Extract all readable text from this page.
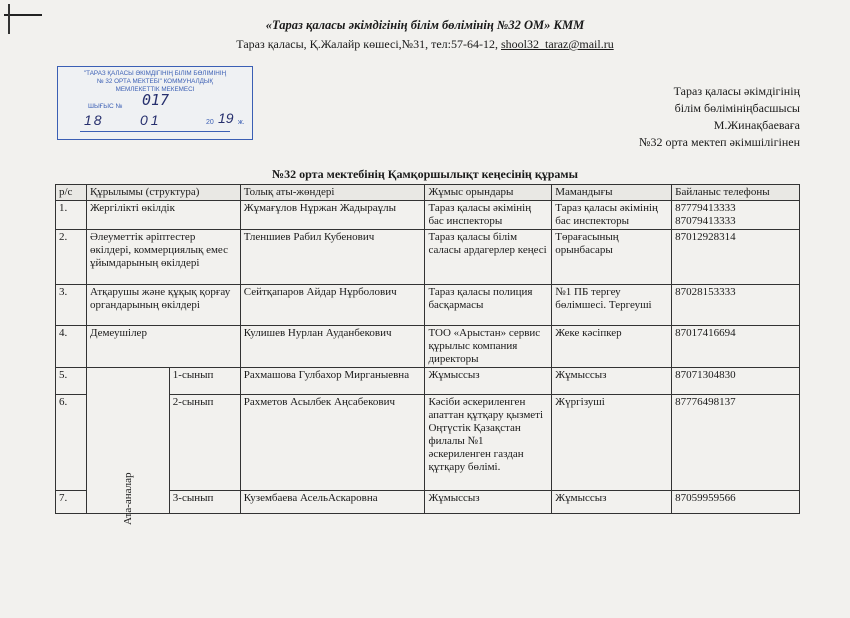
«Тараз қаласы әкімдігінің білім бөлімінің №32 ОМ» КММ
Тараз қаласы, Қ.Жалайр көшесі,№31, тел:57-64-12, shool32_taraz@mail.ru
"ТАРАЗ ҚАЛАСЫ ӘКІМДІГІНІҢ БІЛІМ БӨЛІМІНІҢ
№ 32 ОРТА МЕКТЕБІ" КОММУНАЛДЫҚ
МЕМЛЕКЕТТІК МЕКЕМЕСІ
ШЫҒЫС № 017
18	01	20 19 ж.
Тараз қаласы әкімдігінің
білім бөлімініңбасшысы
М.Жинақбаеваға
№32 орта мектеп әкімшілігінен
№32 орта мектебінің Қамқоршылықт кеңесінің құрамы
р/с	Құрылымы (структура)		Толық аты-жөндері	Жұмыс орындары	Мамандығы	Байланыс телефоны
1.	Жергілікті өкілдік		Жұмағұлов Нұржан Жадыраұлы	Тараз қаласы әкімінің бас инспекторы	Тараз қаласы әкімінің бас инспекторы	87779413333 87079413333
2.	Әлеуметтік әріптестер өкілдері, коммерциялық емес ұйымдарының өкілдері		Тленшиев Рабил Кубенович	Тараз қаласы білім саласы ардагерлер кеңесі	Төрағасының орынбасары	87012928314
3.	Атқарушы және құқық қорғау органдарының өкілдері		Сейтқапаров Айдар Нұрболович	Тараз қаласы полиция басқармасы	№1 ПБ тергеу бөлімшесі. Тергеуші	87028153333
4.	Демеушілер		Кулишев Нурлан Ауданбекович	ТОО «Арыстан» сервис құрылыс компания директоры	Жеке кәсіпкер	87017416694
5.	Ата-аналар	1-сынып	Рахмашова Гулбахор Мирганыевна	Жұмыссыз	Жұмыссыз	87071304830
6.		2-сынып	Рахметов Асылбек Аңсабекович	Кәсіби әскериленген апаттан құтқару қызметі Оңтүстік Қазақстан филалы №1 әскериленген газдан құтқару бөлімі.	Жүргізуші	87776498137
7.		3-сынып	Кузембаева АсельАскаровна	Жұмыссыз	Жұмыссыз	87059959566
